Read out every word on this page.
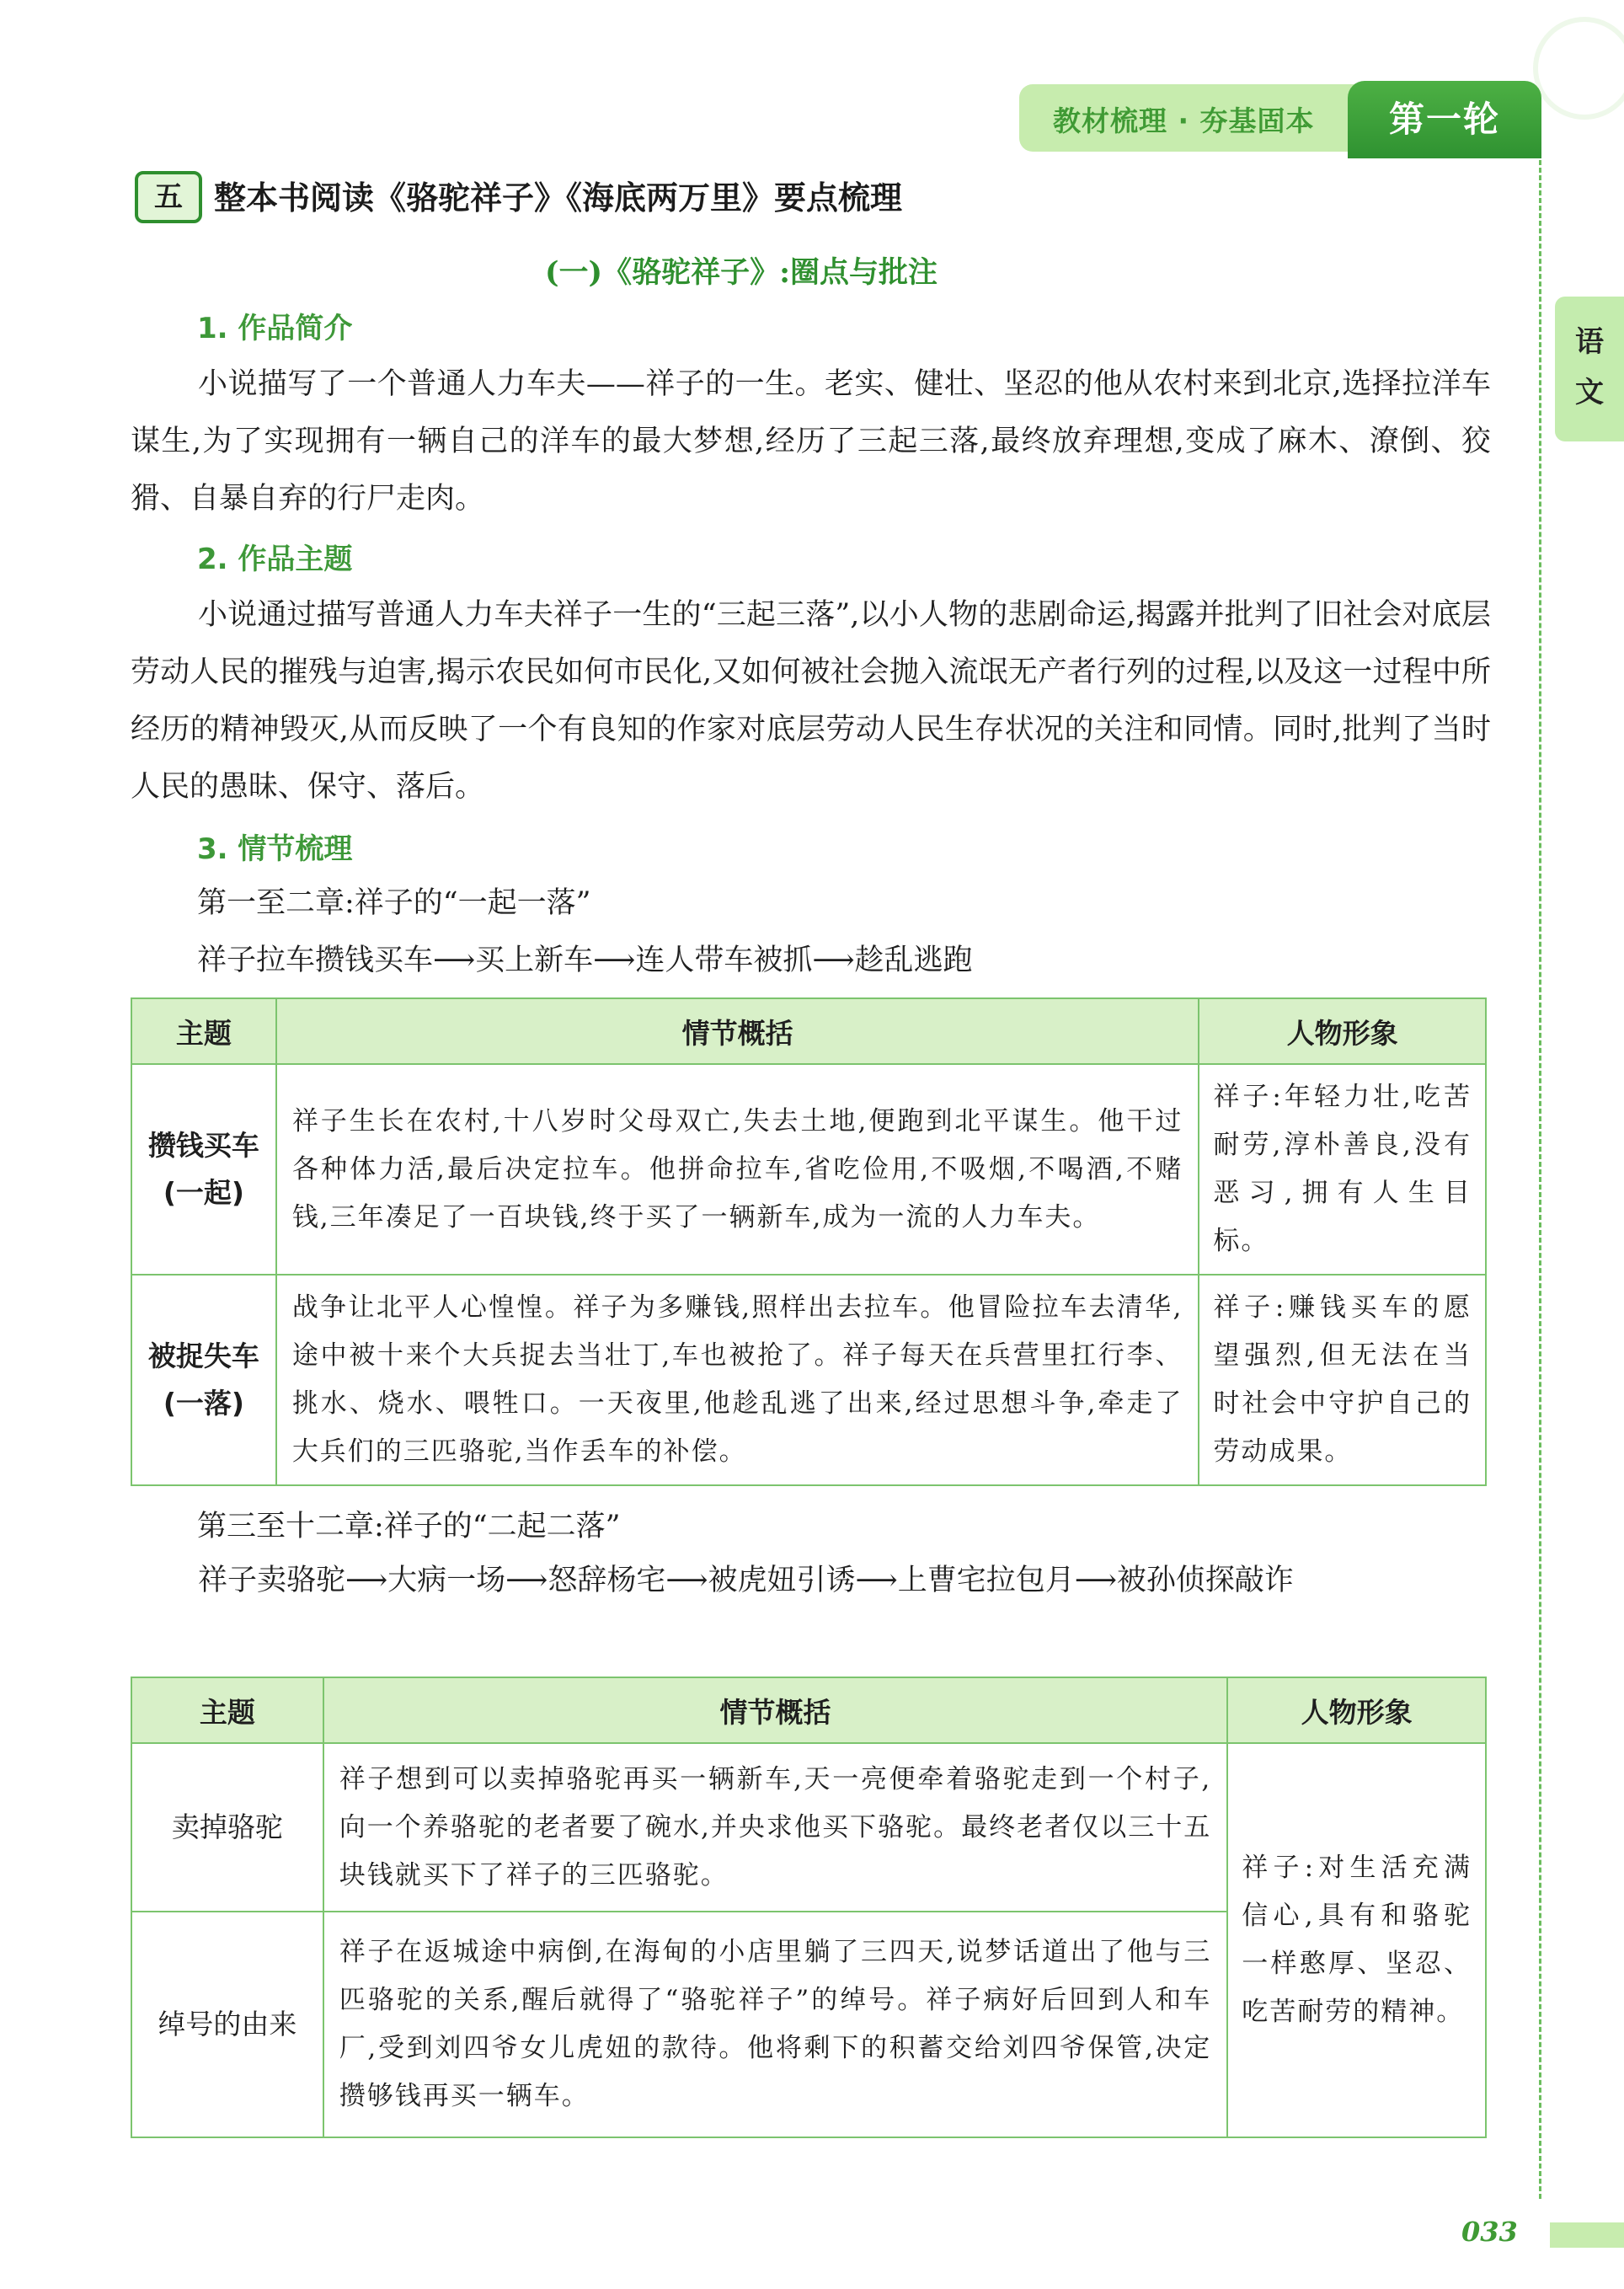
教材梳理 · 夯基固本	第一轮
语
文
五 整本书阅读《骆驼祥子》《海底两万里》要点梳理
(一)《骆驼祥子》:圈点与批注
1. 作品简介
小说描写了一个普通人力车夫——祥子的一生。老实、健壮、坚忍的他从农村来到北京,选择拉洋车谋生,为了实现拥有一辆自己的洋车的最大梦想,经历了三起三落,最终放弃理想,变成了麻木、潦倒、狡猾、自暴自弃的行尸走肉。
2. 作品主题
小说通过描写普通人力车夫祥子一生的“三起三落”,以小人物的悲剧命运,揭露并批判了旧社会对底层劳动人民的摧残与迫害,揭示农民如何市民化,又如何被社会抛入流氓无产者行列的过程,以及这一过程中所经历的精神毁灭,从而反映了一个有良知的作家对底层劳动人民生存状况的关注和同情。同时,批判了当时人民的愚昧、保守、落后。
3. 情节梳理
第一至二章:祥子的“一起一落”
祥子拉车攒钱买车⟶买上新车⟶连人带车被抓⟶趁乱逃跑
主题	情节概括	人物形象

攒钱买车
(一起)	祥子生长在农村,十八岁时父母双亡,失去土地,便跑到北平谋生。他干过各种体力活,最后决定拉车。他拼命拉车,省吃俭用,不吸烟,不喝酒,不赌钱,三年凑足了一百块钱,终于买了一辆新车,成为一流的人力车夫。	祥子:年轻力壮,吃苦耐劳,淳朴善良,没有恶习,拥有人生目标。

被捉失车
(一落)	战争让北平人心惶惶。祥子为多赚钱,照样出去拉车。他冒险拉车去清华,途中被十来个大兵捉去当壮丁,车也被抢了。祥子每天在兵营里扛行李、挑水、烧水、喂牲口。一天夜里,他趁乱逃了出来,经过思想斗争,牵走了大兵们的三匹骆驼,当作丢车的补偿。	祥子:赚钱买车的愿望强烈,但无法在当时社会中守护自己的劳动成果。
第三至十二章:祥子的“二起二落”
祥子卖骆驼⟶大病一场⟶怒辞杨宅⟶被虎妞引诱⟶上曹宅拉包月⟶被孙侦探敲诈
主题	情节概括	人物形象
卖掉骆驼	祥子想到可以卖掉骆驼再买一辆新车,天一亮便牵着骆驼走到一个村子,向一个养骆驼的老者要了碗水,并央求他买下骆驼。最终老者仅以三十五块钱就买下了祥子的三匹骆驼。	祥子:对生活充满信心,具有和骆驼一样憨厚、坚忍、吃苦耐劳的精神。
绰号的由来	祥子在返城途中病倒,在海甸的小店里躺了三四天,说梦话道出了他与三匹骆驼的关系,醒后就得了“骆驼祥子”的绰号。祥子病好后回到人和车厂,受到刘四爷女儿虎妞的款待。他将剩下的积蓄交给刘四爷保管,决定攒够钱再买一辆车。	
033
